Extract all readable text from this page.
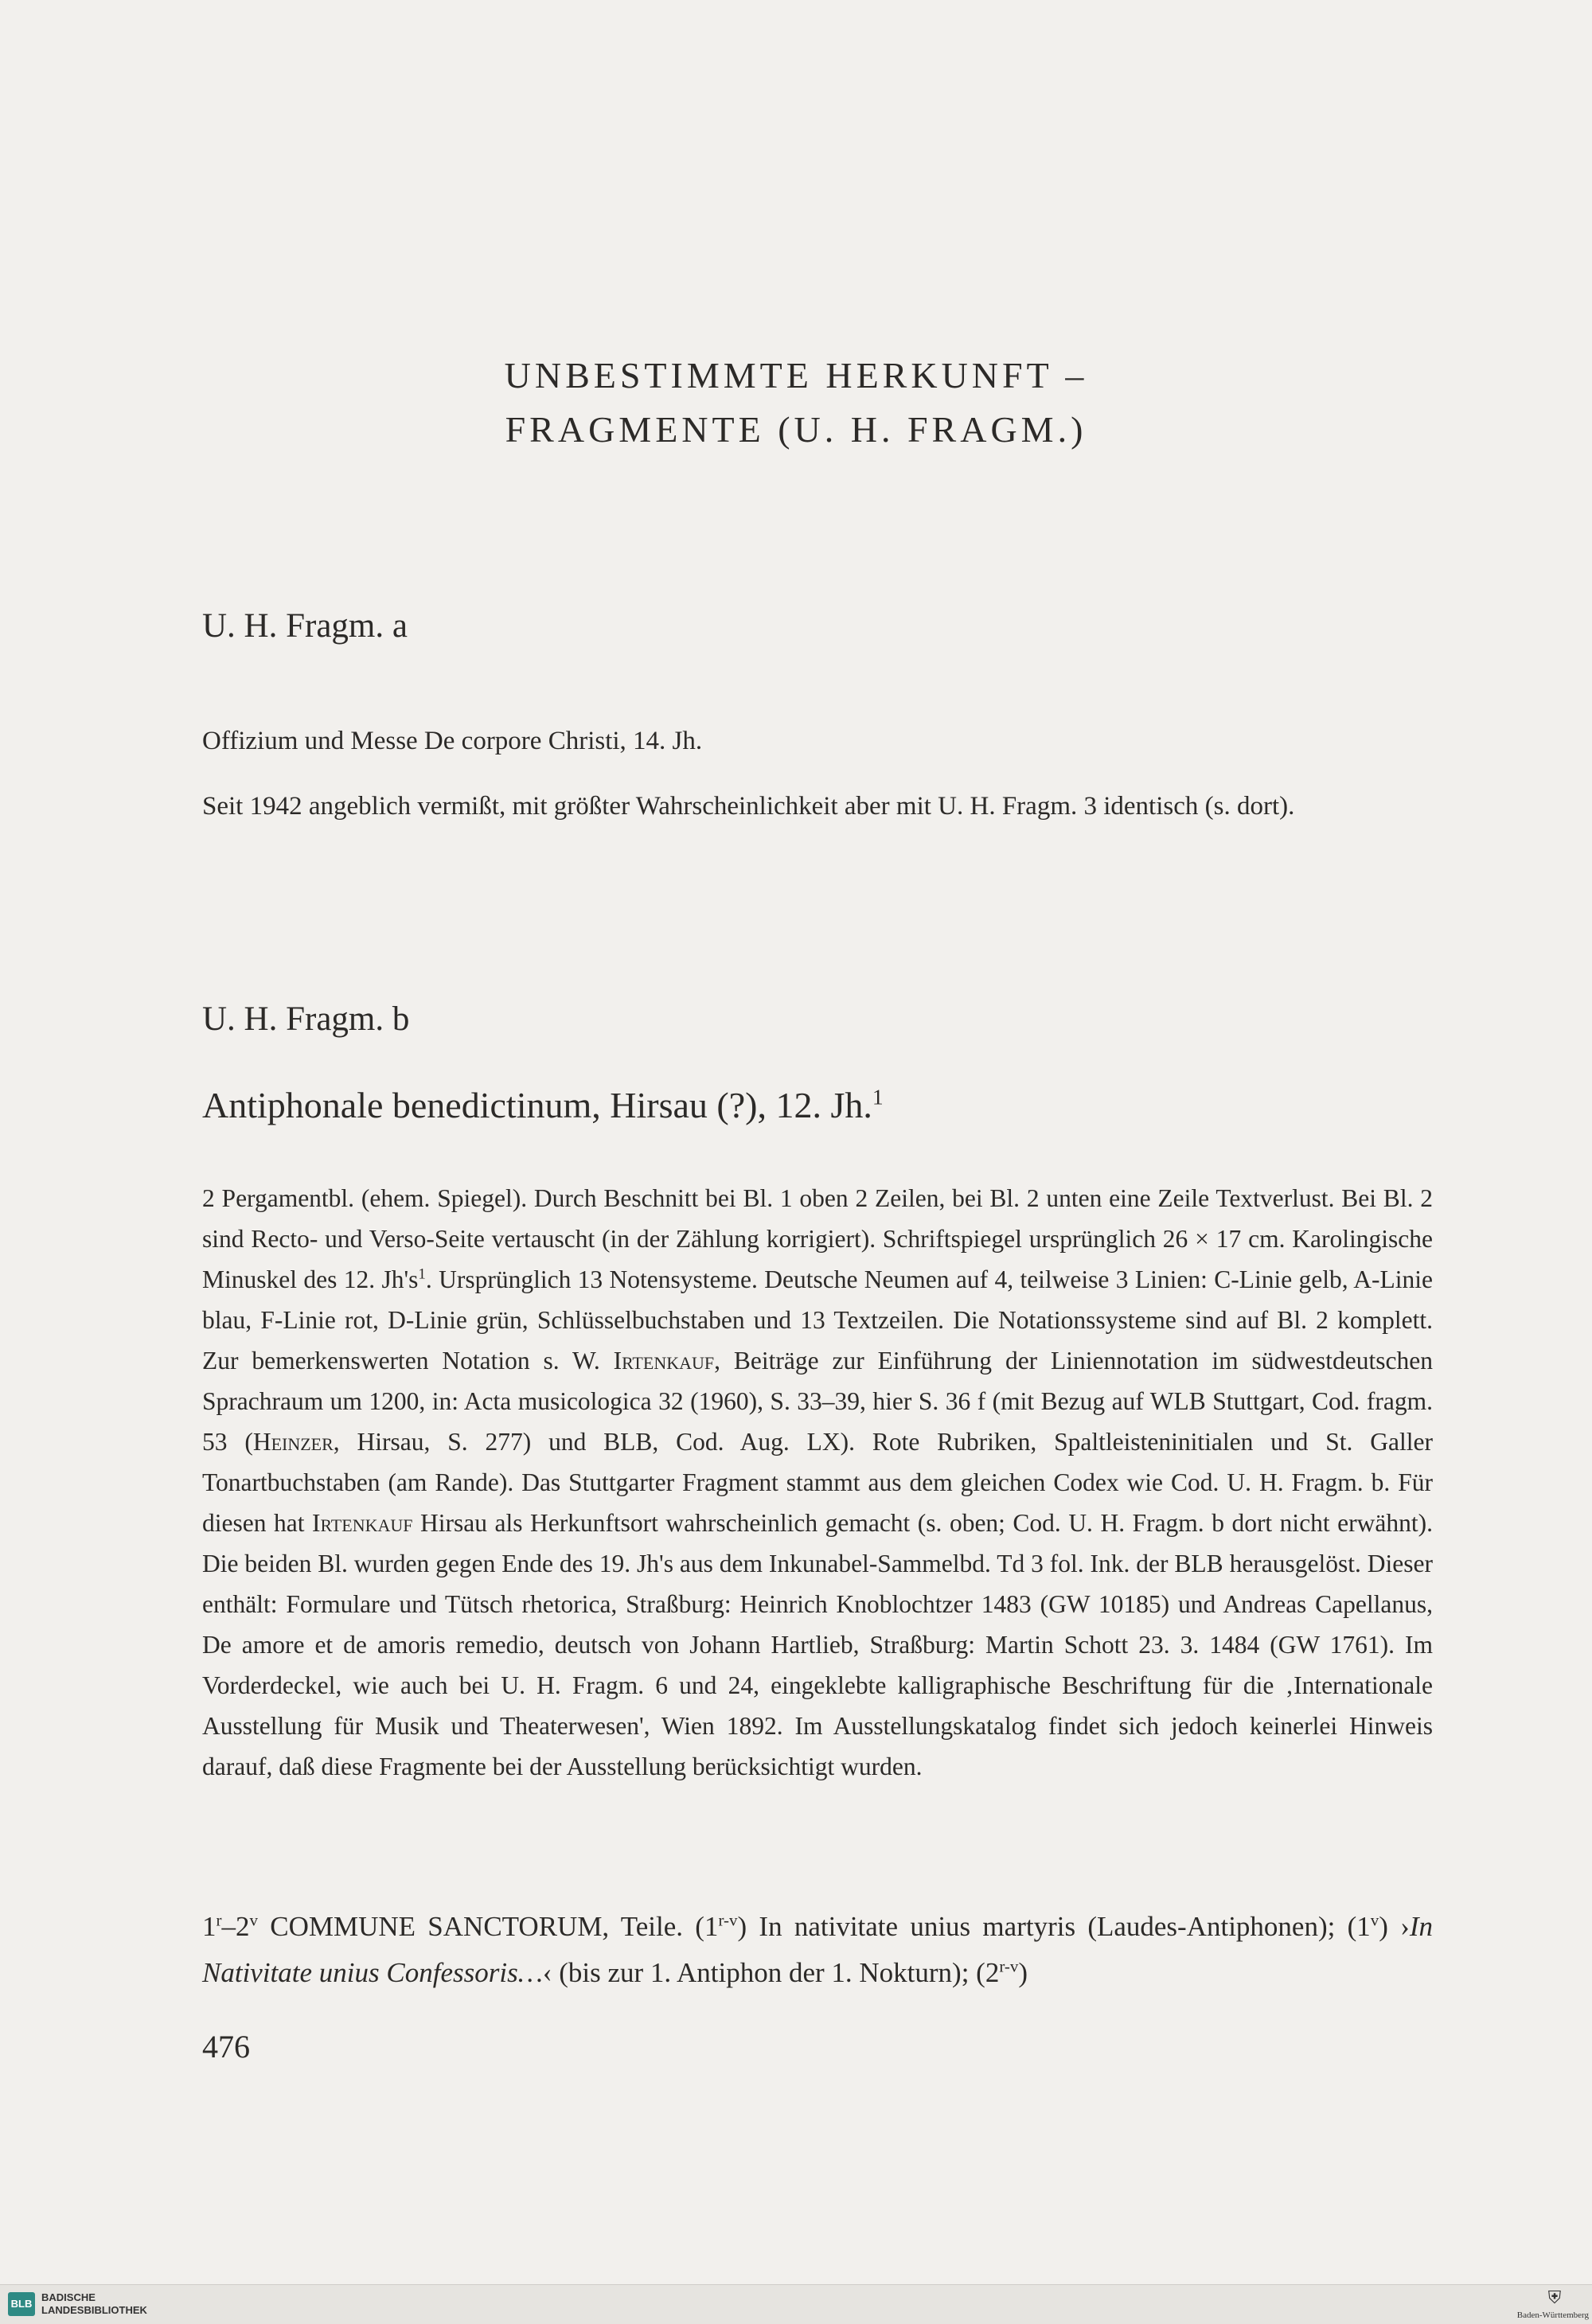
UNBESTIMMTE HERKUNFT –
FRAGMENTE (U. H. FRAGM.)
U. H. Fragm. a
Offizium und Messe De corpore Christi, 14. Jh.
Seit 1942 angeblich vermißt, mit größter Wahrscheinlichkeit aber mit U. H. Fragm. 3 identisch (s. dort).
U. H. Fragm. b
Antiphonale benedictinum, Hirsau (?), 12. Jh.$^1$
2 Pergamentbl. (ehem. Spiegel). Durch Beschnitt bei Bl. 1 oben 2 Zeilen, bei Bl. 2 unten eine Zeile Textverlust. Bei Bl. 2 sind Recto- und Verso-Seite vertauscht (in der Zählung korrigiert). Schriftspiegel ursprünglich 26 × 17 cm. Karolingische Minuskel des 12. $Jh's^1$. Ursprünglich 13 Notensysteme. Deutsche Neumen auf 4, teilweise 3 Linien: C-Linie gelb, A-Linie blau, F-Linie rot, D-Linie grün, Schlüsselbuchstaben und 13 Textzeilen. Die Notationssysteme sind auf Bl. 2 komplett. Zur bemerkenswerten Notation s. W. Irtenkauf, Beiträge zur Einführung der Liniennotation im südwestdeutschen Sprachraum um 1200, in: Acta musicologica 32 (1960), S. 33–39, hier S. 36 f (mit Bezug auf WLB Stuttgart, Cod. fragm. 53 (Heinzer, Hirsau, S. 277) und BLB, Cod. Aug. LX). Rote Rubriken, Spaltleisteninitialen und St. Galler Tonartbuchstaben (am Rande). Das Stuttgarter Fragment stammt aus dem gleichen Codex wie Cod. U. H. Fragm. b. Für diesen hat Irtenkauf Hirsau als Herkunftsort wahrscheinlich gemacht (s. oben; Cod. U. H. Fragm. b dort nicht erwähnt). Die beiden Bl. wurden gegen Ende des 19. Jh's aus dem Inkunabel-Sammelbd. Td 3 fol. Ink. der BLB herausgelöst. Dieser enthält: Formulare und Tütsch rhetorica, Straßburg: Heinrich Knoblochtzer 1483 (GW 10185) und Andreas Capellanus, De amore et de amoris remedio, deutsch von Johann Hartlieb, Straßburg: Martin Schott 23. 3. 1484 (GW 1761). Im Vorderdeckel, wie auch bei U. H. Fragm. 6 und 24, eingeklebte kalligraphische Beschriftung für die ‚Internationale Ausstellung für Musik und Theaterwesen', Wien 1892. Im Ausstellungskatalog findet sich jedoch keinerlei Hinweis darauf, daß diese Fragmente bei der Ausstellung berücksichtigt wurden.
1$^r$–2$^v$ COMMUNE SANCTORUM, Teile. (1$^{r-v}$) In nativitate unius martyris (Laudes-Antiphonen); (1$^v$) ›In Nativitate unius Confessoris…‹ (bis zur 1. Antiphon der 1. Nokturn); (2$^{r-v}$)
476
BLB
BADISCHE
LANDESBIBLIOTHEK
⛨
Baden-Württemberg
